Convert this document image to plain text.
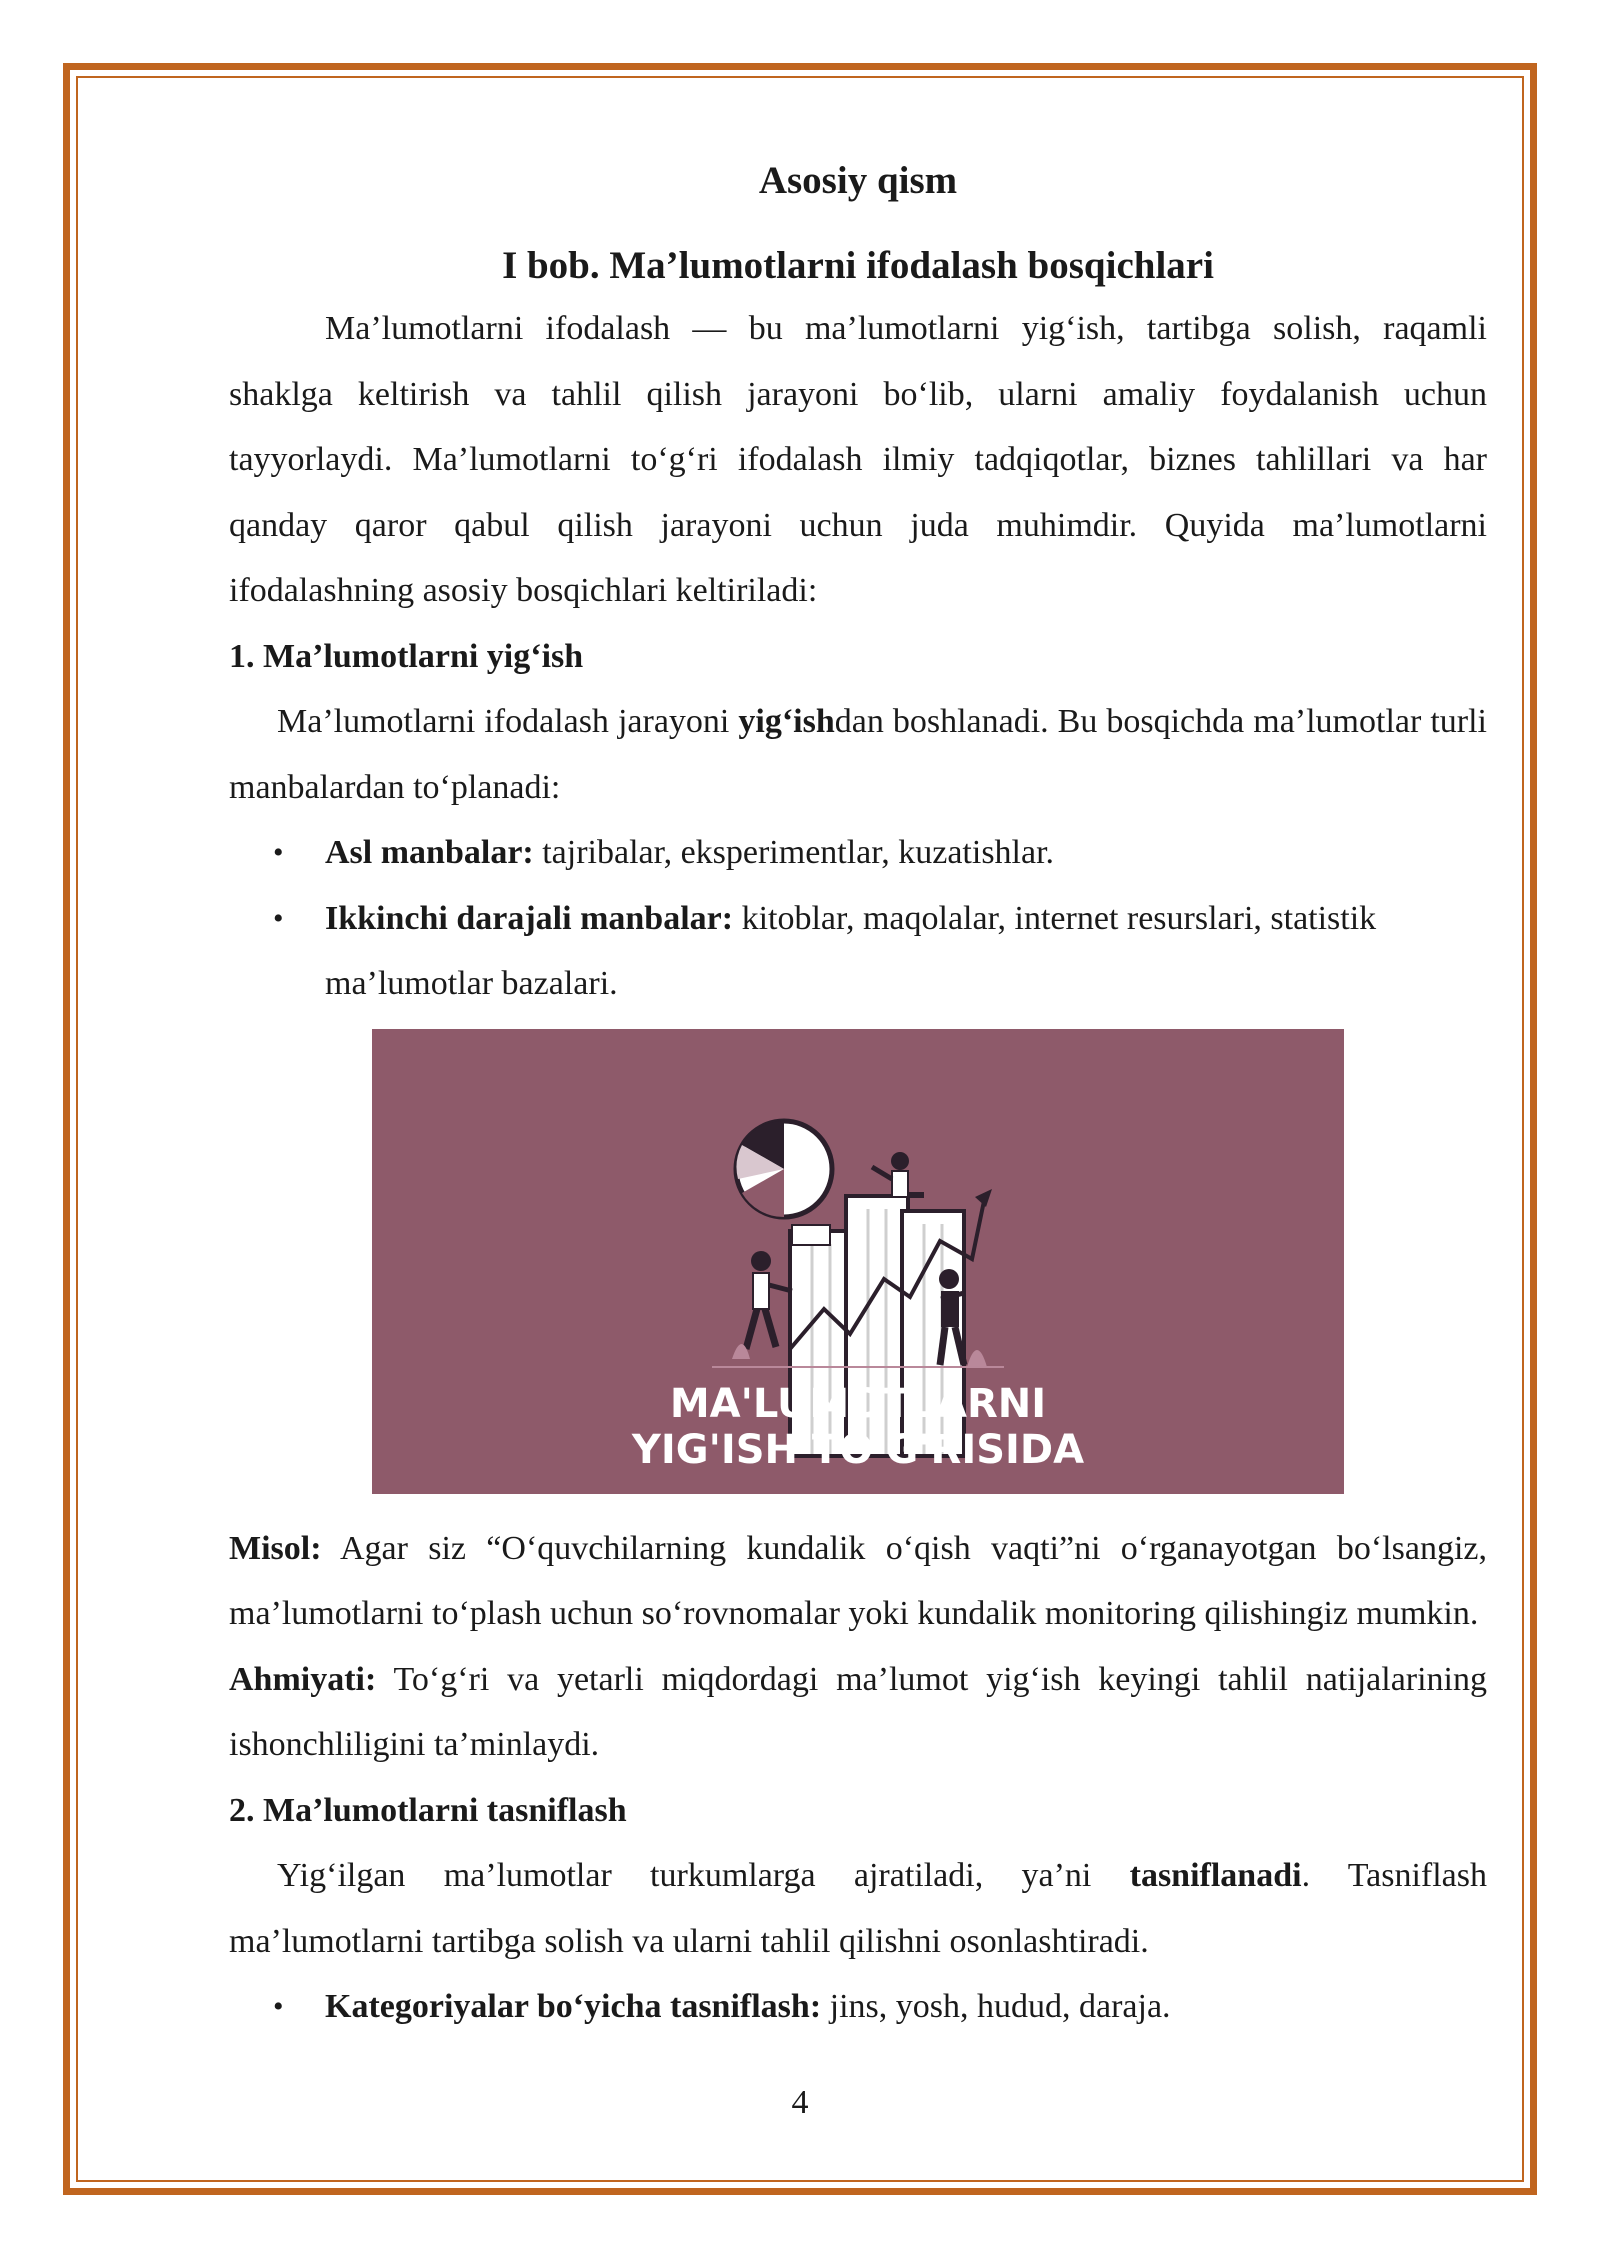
Asosiy qism
I bob. Ma’lumotlarni ifodalash bosqichlari

Ma’lumotlarni ifodalash — bu ma’lumotlarni yig‘ish, tartibga solish, raqamli shaklga keltirish va tahlil qilish jarayoni bo‘lib, ularni amaliy foydalanish uchun tayyorlaydi. Ma’lumotlarni to‘g‘ri ifodalash ilmiy tadqiqotlar, biznes tahlillari va har qanday qaror qabul qilish jarayoni uchun juda muhimdir. Quyida ma’lumotlarni ifodalashning asosiy bosqichlari keltiriladi:

1. Ma’lumotlarni yig‘ish

Ma’lumotlarni ifodalash jarayoni yig‘ishdan boshlanadi. Bu bosqichda ma’lumotlar turli manbalardan to‘planadi:

• Asl manbalar: tajribalar, eksperimentlar, kuzatishlar.
• Ikkinchi darajali manbalar: kitoblar, maqolalar, internet resurslari, statistik ma’lumotlar bazalari.
MA'LUMOTLARNI
YIG'ISH TO'G'RISIDA

Misol: Agar siz “O‘quvchilarning kundalik o‘qish vaqti”ni o‘rganayotgan bo‘lsangiz, ma’lumotlarni to‘plash uchun so‘rovnomalar yoki kundalik monitoring qilishingiz mumkin.

Ahmiyati: To‘g‘ri va yetarli miqdordagi ma’lumot yig‘ish keyingi tahlil natijalarining ishonchliligini ta’minlaydi.

2. Ma’lumotlarni tasniflash

Yig‘ilgan ma’lumotlar turkumlarga ajratiladi, ya’ni tasniflanadi. Tasniflash ma’lumotlarni tartibga solish va ularni tahlil qilishni osonlashtiradi.

• Kategoriyalar bo‘yicha tasniflash: jins, yosh, hudud, daraja.
4
